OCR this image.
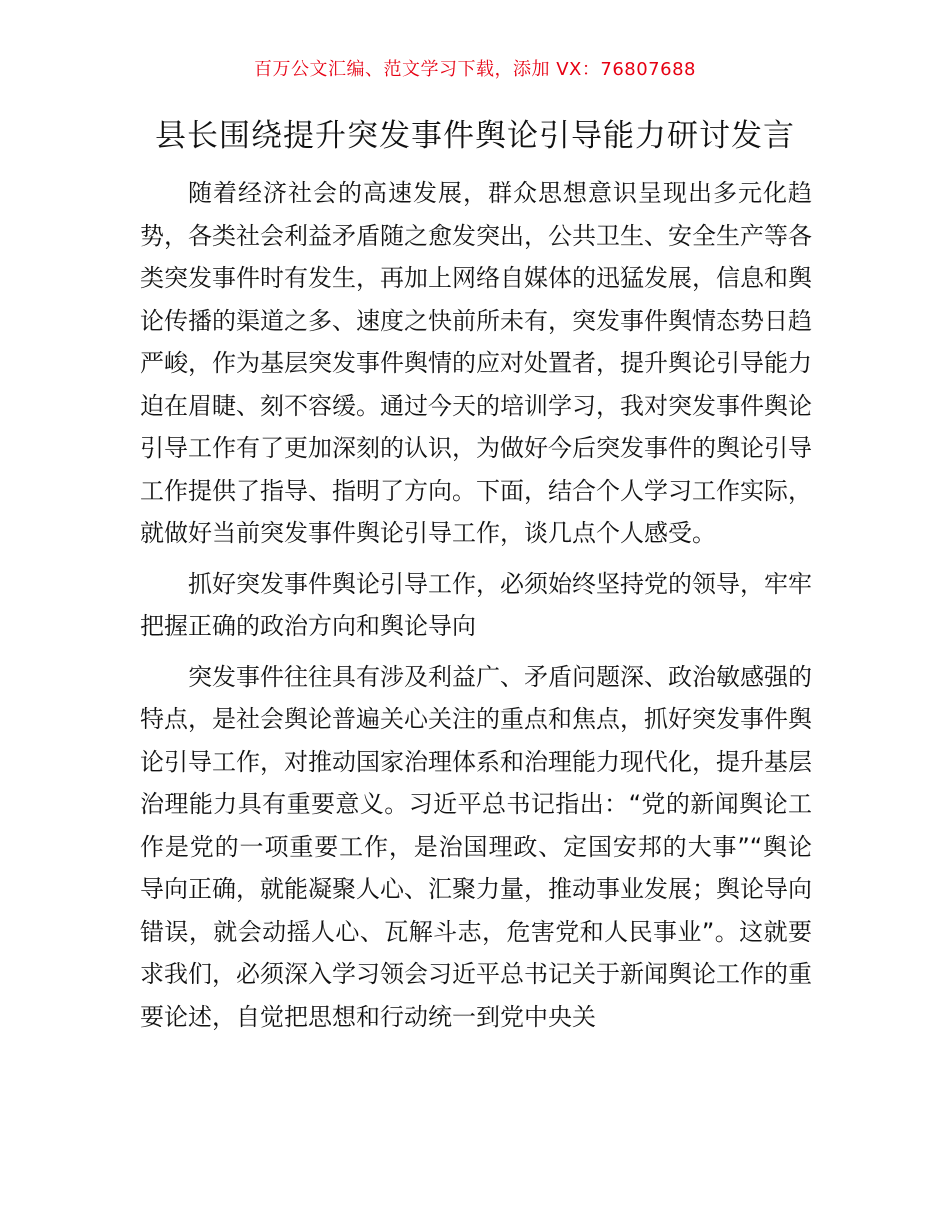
百万公文汇编、范文学习下载，添加 VX：76807688
县长围绕提升突发事件舆论引导能力研讨发言

随着经济社会的高速发展，群众思想意识呈现出多元化趋势，各类社会利益矛盾随之愈发突出，公共卫生、安全生产等各类突发事件时有发生，再加上网络自媒体的迅猛发展，信息和舆论传播的渠道之多、速度之快前所未有，突发事件舆情态势日趋严峻，作为基层突发事件舆情的应对处置者，提升舆论引导能力迫在眉睫、刻不容缓。通过今天的培训学习，我对突发事件舆论引导工作有了更加深刻的认识，为做好今后突发事件的舆论引导工作提供了指导、指明了方向。下面，结合个人学习工作实际，就做好当前突发事件舆论引导工作，谈几点个人感受。

抓好突发事件舆论引导工作，必须始终坚持党的领导，牢牢把握正确的政治方向和舆论导向

突发事件往往具有涉及利益广、矛盾问题深、政治敏感强的特点，是社会舆论普遍关心关注的重点和焦点，抓好突发事件舆论引导工作，对推动国家治理体系和治理能力现代化，提升基层治理能力具有重要意义。习近平总书记指出：“党的新闻舆论工作是党的一项重要工作，是治国理政、定国安邦的大事”“舆论导向正确，就能凝聚人心、汇聚力量，推动事业发展；舆论导向错误，就会动摇人心、瓦解斗志，危害党和人民事业”。这就要求我们，必须深入学习领会习近平总书记关于新闻舆论工作的重要论述，自觉把思想和行动统一到党中央关
